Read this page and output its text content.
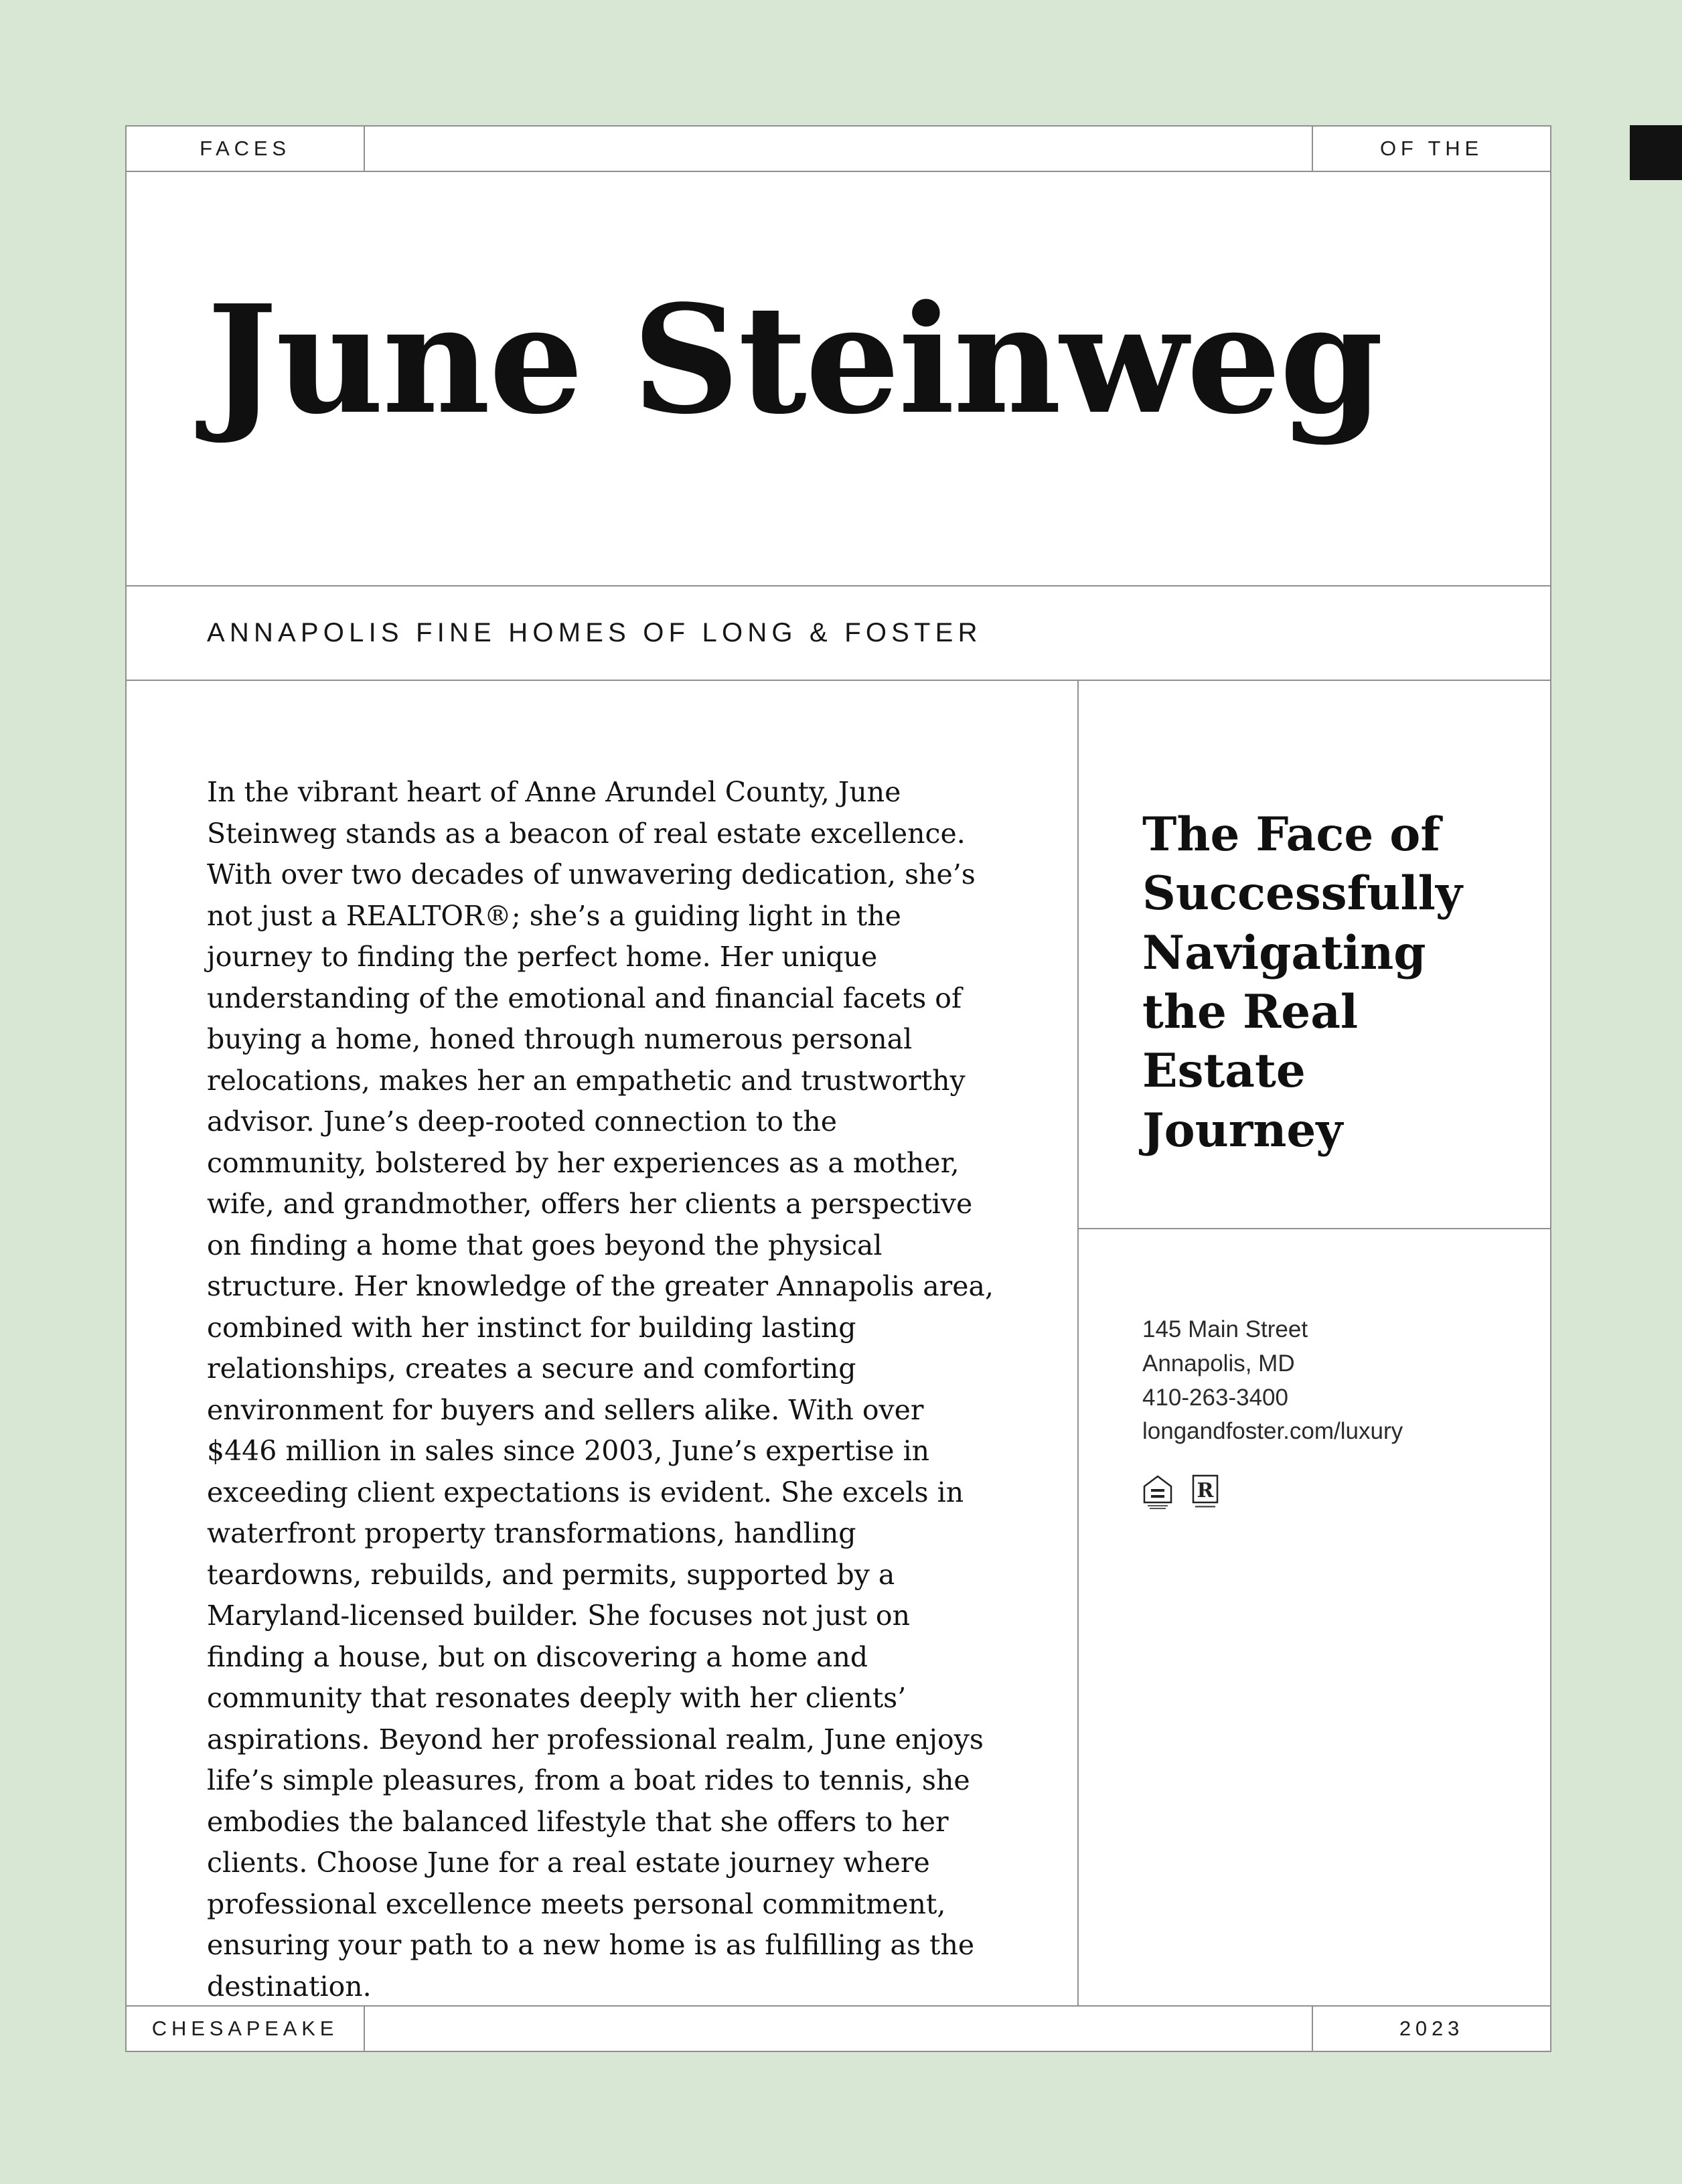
FACES	OF THE
June Steinweg
ANNAPOLIS FINE HOMES OF LONG & FOSTER

In the vibrant heart of Anne Arundel County, June Steinweg stands as a beacon of real estate excellence. With over two decades of unwavering dedication, she’s not just a REALTOR®; she’s a guiding light in the journey to finding the perfect home. Her unique understanding of the emotional and financial facets of buying a home, honed through numerous personal relocations, makes her an empathetic and trustworthy advisor. June’s deep-rooted connection to the community, bolstered by her experiences as a mother, wife, and grandmother, offers her clients a perspective on finding a home that goes beyond the physical structure. Her knowledge of the greater Annapolis area, combined with her instinct for building lasting relationships, creates a secure and comforting environment for buyers and sellers alike. With over $446 million in sales since 2003, June’s expertise in exceeding client expectations is evident. She excels in waterfront property transformations, handling teardowns, rebuilds, and permits, supported by a Maryland-licensed builder. She focuses not just on finding a house, but on discovering a home and community that resonates deeply with her clients’ aspirations. Beyond her professional realm, June enjoys life’s simple pleasures, from a boat rides to tennis, she embodies the balanced lifestyle that she offers to her clients. Choose June for a real estate journey where professional excellence meets personal commitment, ensuring your path to a new home is as fulfilling as the destination.

The Face of Successfully Navigating the Real Estate Journey
145 Main Street
Annapolis, MD
410-263-3400
longandfoster.com/luxury
R
CHESAPEAKE	2023
